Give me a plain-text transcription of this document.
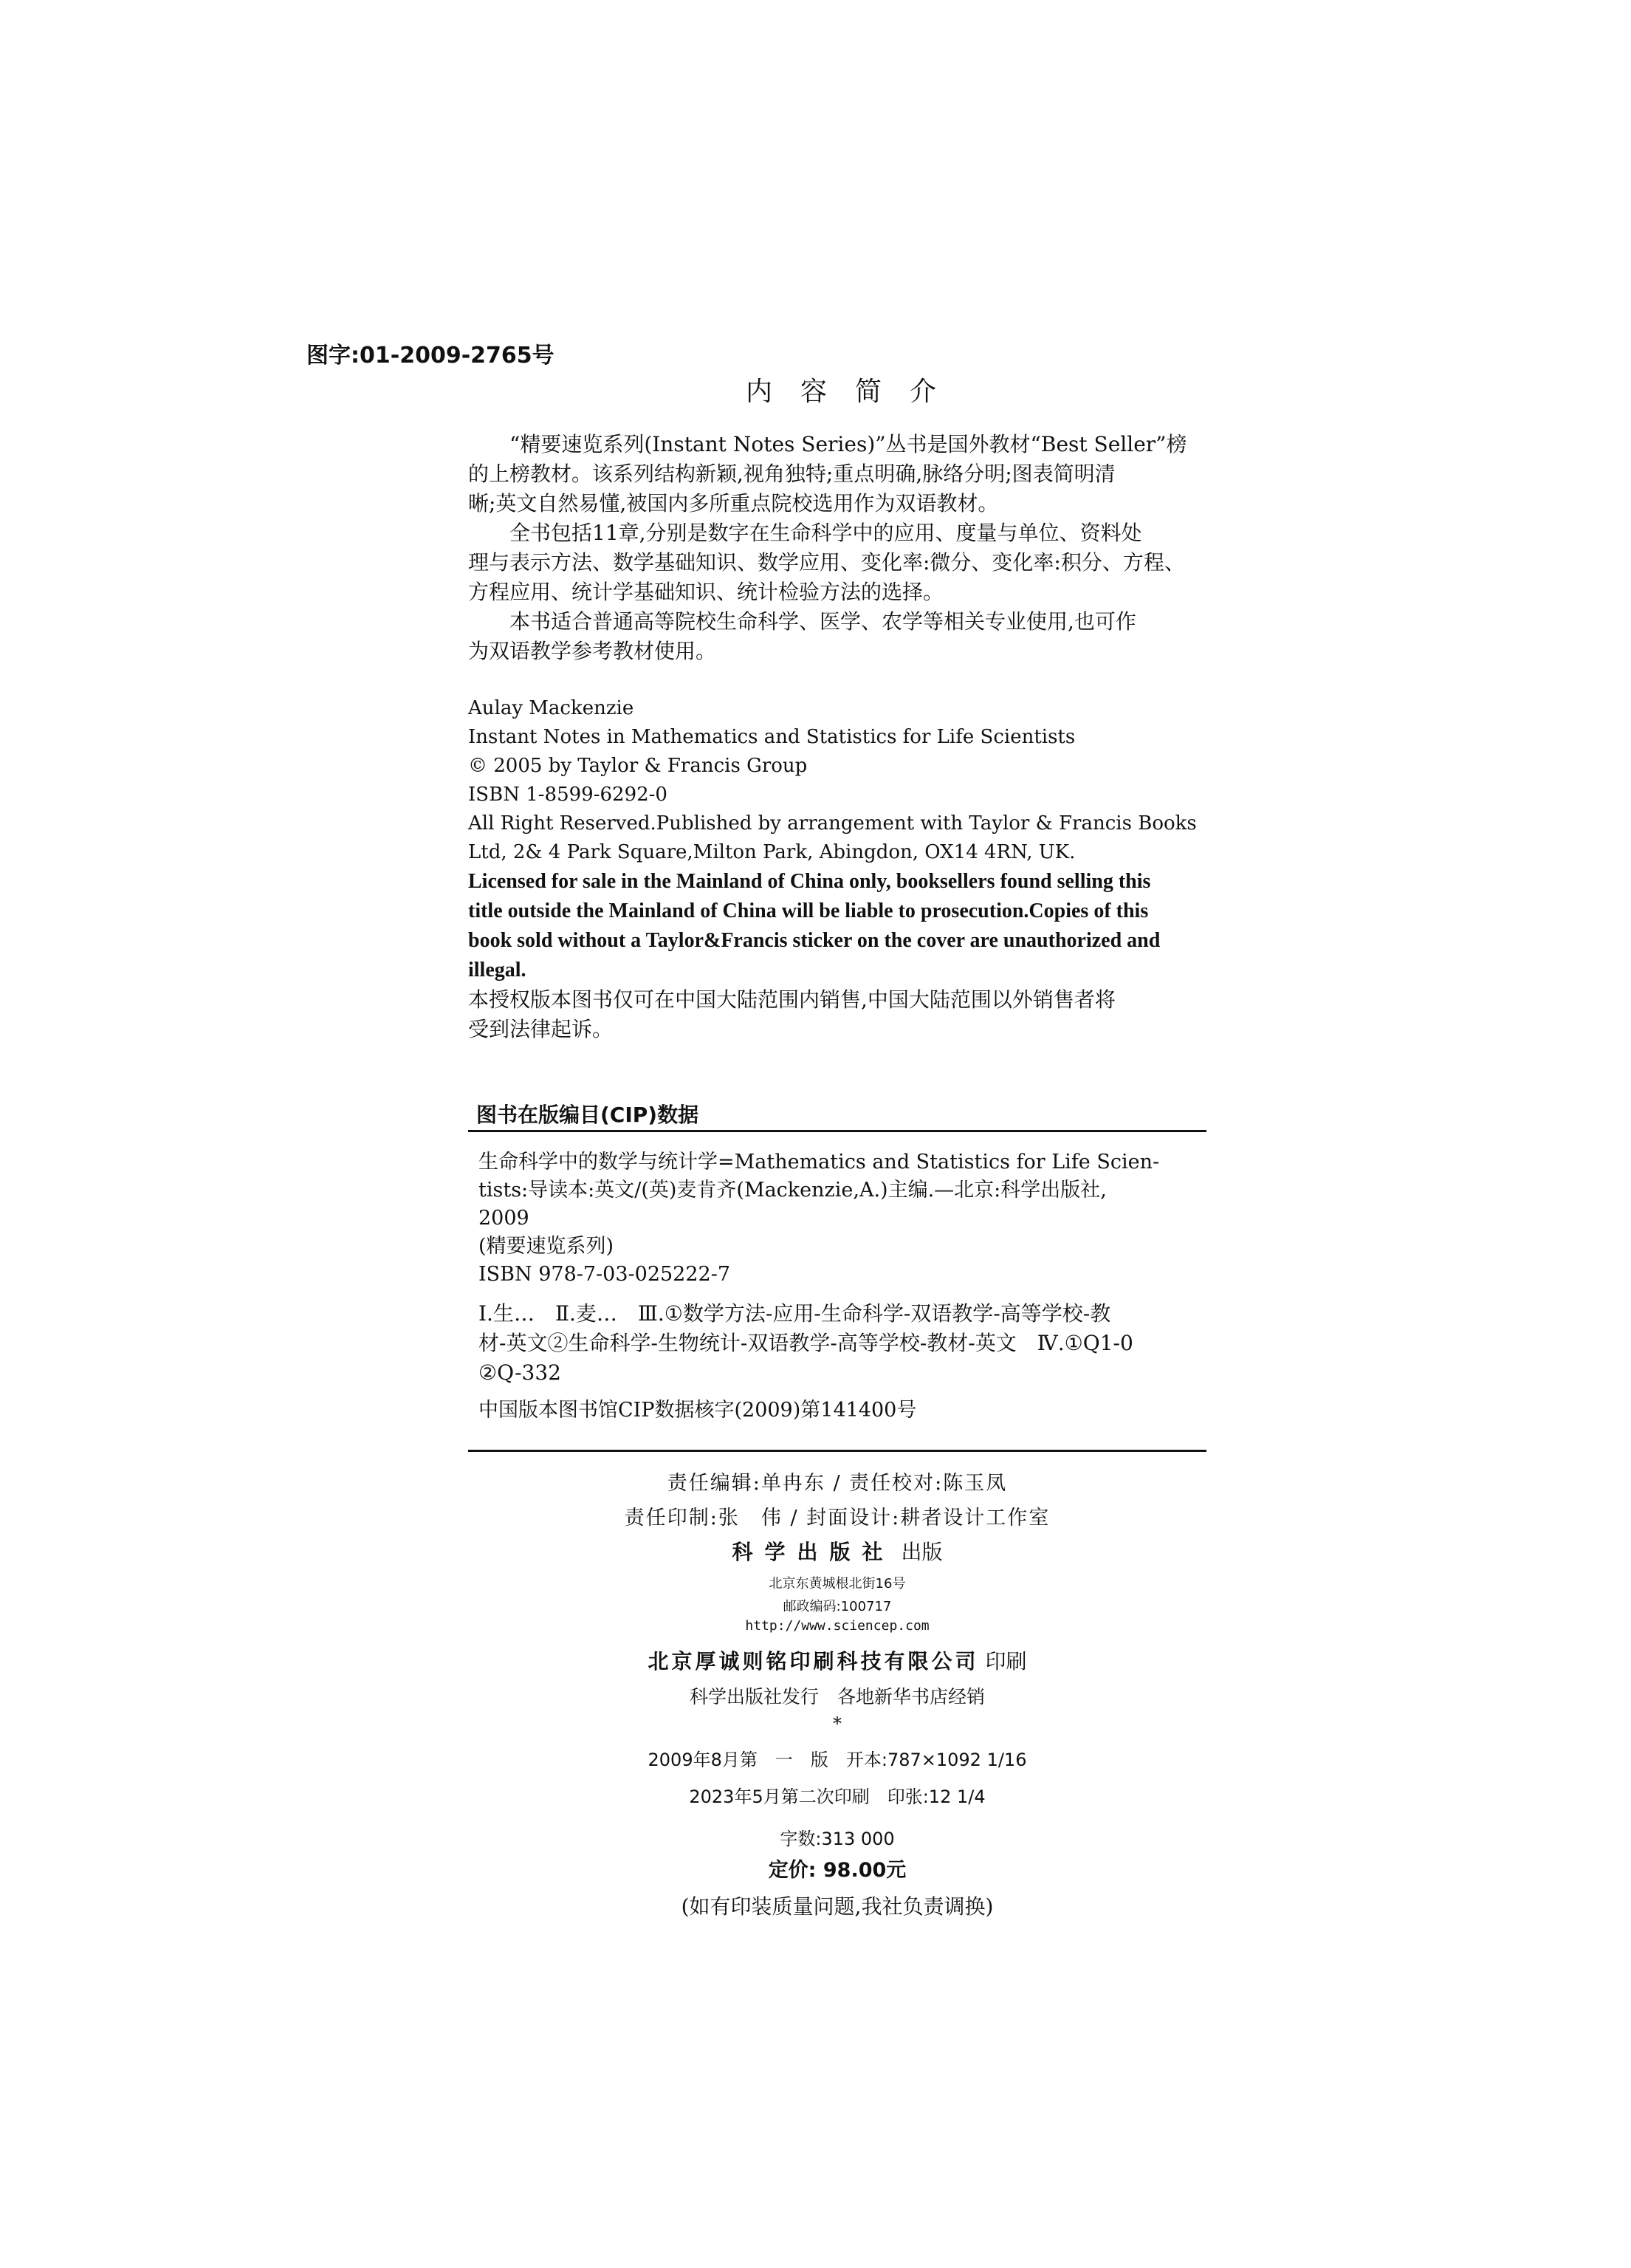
图字:01-2009-2765号
内容简介
　　“精要速览系列(Instant Notes Series)”丛书是国外教材“Best Seller”榜
的上榜教材。该系列结构新颖,视角独特;重点明确,脉络分明;图表简明清
晰;英文自然易懂,被国内多所重点院校选用作为双语教材。
　　全书包括11章,分别是数字在生命科学中的应用、度量与单位、资料处
理与表示方法、数学基础知识、数学应用、变化率:微分、变化率:积分、方程、
方程应用、统计学基础知识、统计检验方法的选择。
　　本书适合普通高等院校生命科学、医学、农学等相关专业使用,也可作
为双语教学参考教材使用。
Aulay Mackenzie
Instant Notes in Mathematics and Statistics for Life Scientists
© 2005 by Taylor & Francis Group
ISBN 1-8599-6292-0
All Right Reserved.Published by arrangement with Taylor & Francis Books
Ltd, 2& 4 Park Square,Milton Park, Abingdon, OX14 4RN, UK.
Licensed for sale in the Mainland of China only, booksellers found selling this
title outside the Mainland of China will be liable to prosecution.Copies of this
book sold without a Taylor&Francis sticker on the cover are unauthorized and
illegal.
本授权版本图书仅可在中国大陆范围内销售,中国大陆范围以外销售者将
受到法律起诉。
图书在版编目(CIP)数据
生命科学中的数学与统计学=Mathematics and Statistics for Life Scien-
tists:导读本:英文/(英)麦肯齐(Mackenzie,A.)主编.—北京:科学出版社,
2009
(精要速览系列)
ISBN 978-7-03-025222-7
Ⅰ.生…　Ⅱ.麦…　Ⅲ.①数学方法-应用-生命科学-双语教学-高等学校-教
材-英文②生命科学-生物统计-双语教学-高等学校-教材-英文　Ⅳ.①Q1-0
②Q-332
中国版本图书馆CIP数据核字(2009)第141400号
责任编辑:单冉东 / 责任校对:陈玉凤
责任印制:张　伟 / 封面设计:耕者设计工作室
科学出版社 出版
北京东黄城根北街16号
邮政编码:100717
http://www.sciencep.com
北京厚诚则铭印刷科技有限公司 印刷
科学出版社发行　各地新华书店经销
*
2009年8月第　一　版　开本:787×1092 1/16
2023年5月第二次印刷　印张:12 1/4
字数:313 000
定价: 98.00元
(如有印装质量问题,我社负责调换)
